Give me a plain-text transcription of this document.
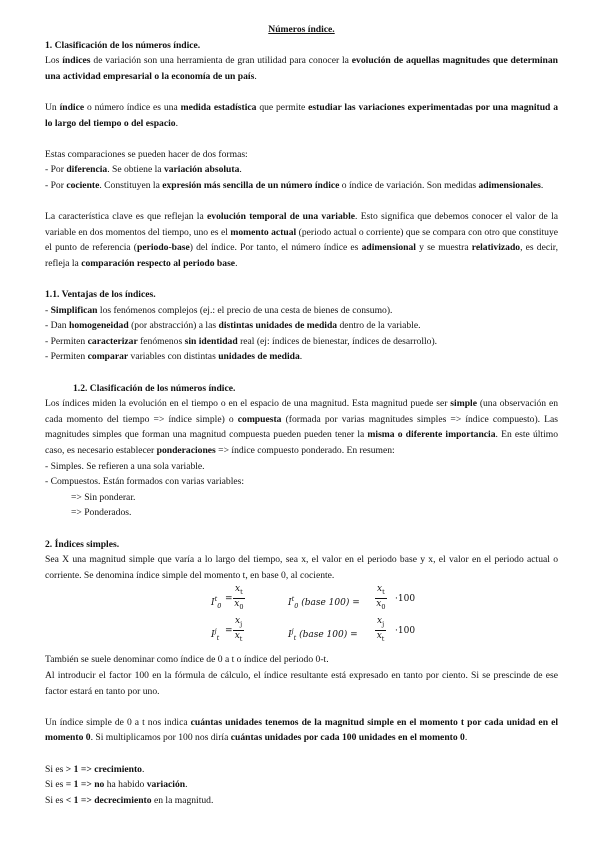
Números índice.

1. Clasificación de los números índice.

Los índices de variación son una herramienta de gran utilidad para conocer la evolución de aquellas magnitudes que determinan una actividad empresarial o la economía de un país.

Un índice o número índice es una medida estadística que permite estudiar las variaciones experimentadas por una magnitud a lo largo del tiempo o del espacio.

Estas comparaciones se pueden hacer de dos formas:

- Por diferencia. Se obtiene la variación absoluta.

- Por cociente. Constituyen la expresión más sencilla de un número índice o índice de variación. Son medidas adimensionales.

La característica clave es que reflejan la evolución temporal de una variable. Esto significa que debemos conocer el valor de la variable en dos momentos del tiempo, uno es el momento actual (periodo actual o corriente) que se compara con otro que constituye el punto de referencia (periodo-base) del índice. Por tanto, el número índice es adimensional y se muestra relativizado, es decir, refleja la comparación respecto al periodo base.

1.1. Ventajas de los índices.

- Simplifican los fenómenos complejos (ej.: el precio de una cesta de bienes de consumo).

- Dan homogeneidad (por abstracción) a las distintas unidades de medida dentro de la variable.

- Permiten caracterizar fenómenos sin identidad real (ej: índices de bienestar, índices de desarrollo).

- Permiten comparar variables con distintas unidades de medida.

1.2. Clasificación de los números índice.

Los índices miden la evolución en el tiempo o en el espacio de una magnitud. Esta magnitud puede ser simple (una observación en cada momento del tiempo => índice simple) o compuesta (formada por varias magnitudes simples => índice compuesto). Las magnitudes simples que forman una magnitud compuesta pueden pueden tener la misma o diferente importancia. En este último caso, es necesario establecer ponderaciones => índice compuesto ponderado. En resumen:

- Simples. Se refieren a una sola variable.

- Compuestos. Están formados con varias variables:

=> Sin ponderar.

=> Ponderados.

2. Índices simples.

Sea X una magnitud simple que varía a lo largo del tiempo, sea x, el valor en el periodo base y x, el valor en el periodo actual o corriente. Se denomina índice simple del momento t, en base 0, al cociente.

$I^t_0$
= $\frac{x_t}{x_0}$	$I^t_0$ (base $100) = \frac{x_t}{x_0} \cdot 100$
$I^j_t$
= $\frac{x_j}{x_t}$	$I^j_t$ (base $100) = \frac{x_j}{x_t} \cdot 100$

También se suele denominar como índice de 0 a t o índice del periodo 0-t.

Al introducir el factor 100 en la fórmula de cálculo, el índice resultante está expresado en tanto por ciento. Si se prescinde de ese factor estará en tanto por uno.

Un índice simple de 0 a t nos indica cuántas unidades tenemos de la magnitud simple en el momento t por cada unidad en el momento 0. Si multiplicamos por 100 nos diría cuántas unidades por cada 100 unidades en el momento 0.

Si es > 1 => crecimiento.

Si es = 1 => no ha habido variación.

Si es < 1 => decrecimiento en la magnitud.
